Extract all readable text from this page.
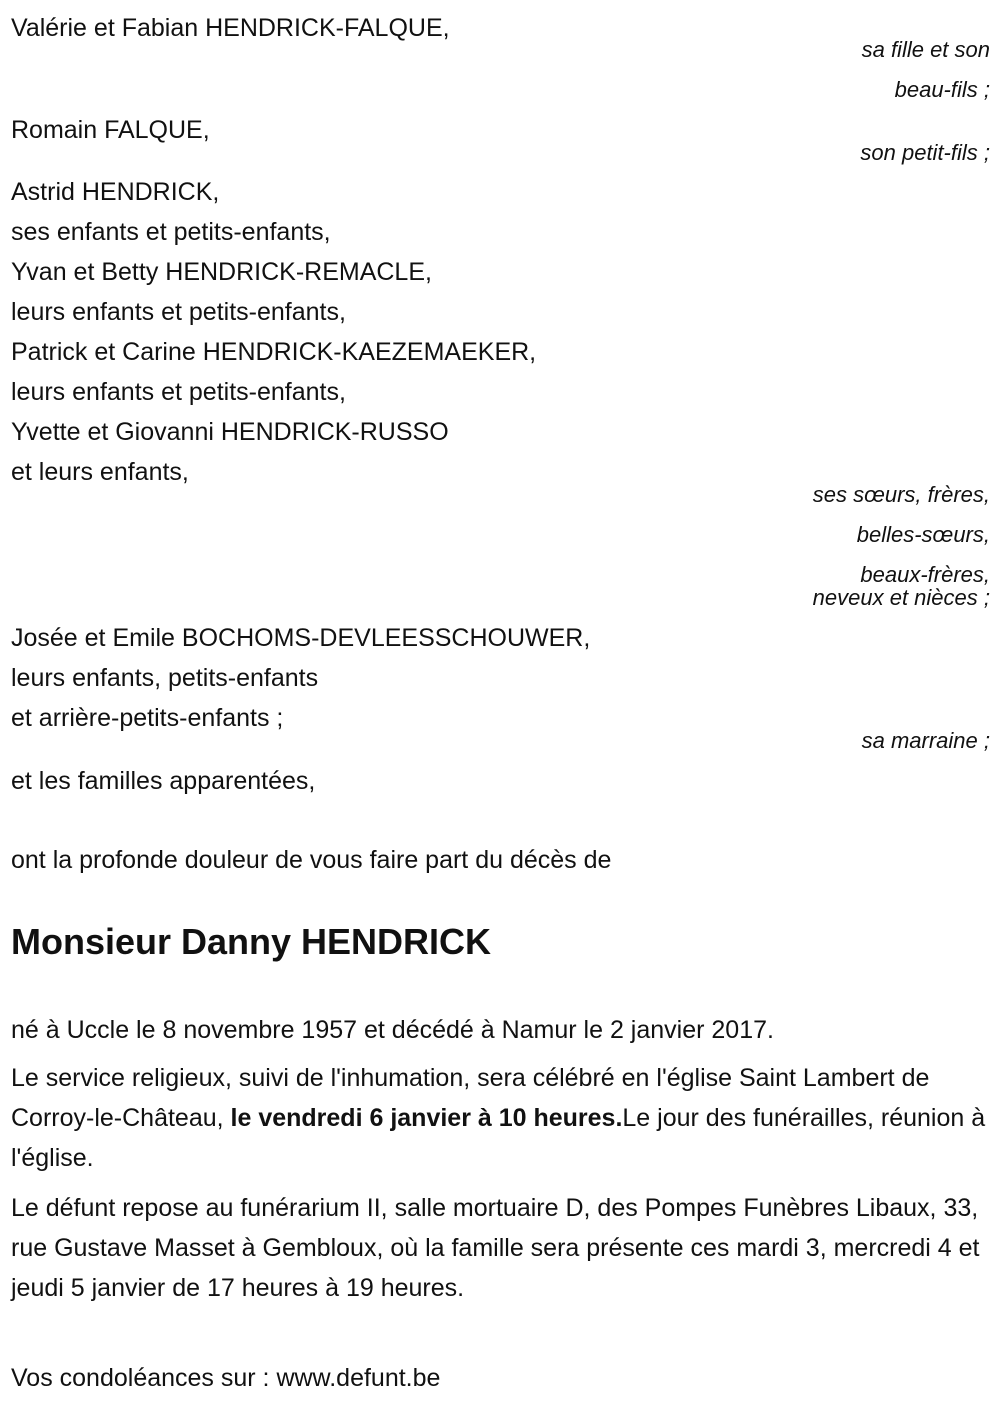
Valérie et Fabian HENDRICK-FALQUE,
sa fille et son
beau-fils ;
Romain FALQUE,
son petit-fils ;
Astrid HENDRICK,
ses enfants et petits-enfants,
Yvan et Betty HENDRICK-REMACLE,
leurs enfants et petits-enfants,
Patrick et Carine HENDRICK-KAEZEMAEKER,
leurs enfants et petits-enfants,
Yvette et Giovanni HENDRICK-RUSSO
et leurs enfants,
ses sœurs, frères,
belles-sœurs,
beaux-frères,
neveux et nièces ;
Josée et Emile BOCHOMS-DEVLEESSCHOUWER,
leurs enfants, petits-enfants
et arrière-petits-enfants ;
sa marraine ;
et les familles apparentées,
ont la profonde douleur de vous faire part du décès de
Monsieur Danny HENDRICK
né à Uccle le 8 novembre 1957 et décédé à Namur le 2 janvier 2017.
Le service religieux, suivi de l'inhumation, sera célébré en l'église Saint Lambert de Corroy-le-Château, le vendredi 6 janvier à 10 heures.Le jour des funérailles, réunion à l'église.
Le défunt repose au funérarium II, salle mortuaire D, des Pompes Funèbres Libaux, 33, rue Gustave Masset à Gembloux, où la famille sera présente ces mardi 3, mercredi 4 et jeudi 5 janvier de 17 heures à 19 heures.
Vos condoléances sur : www.defunt.be
